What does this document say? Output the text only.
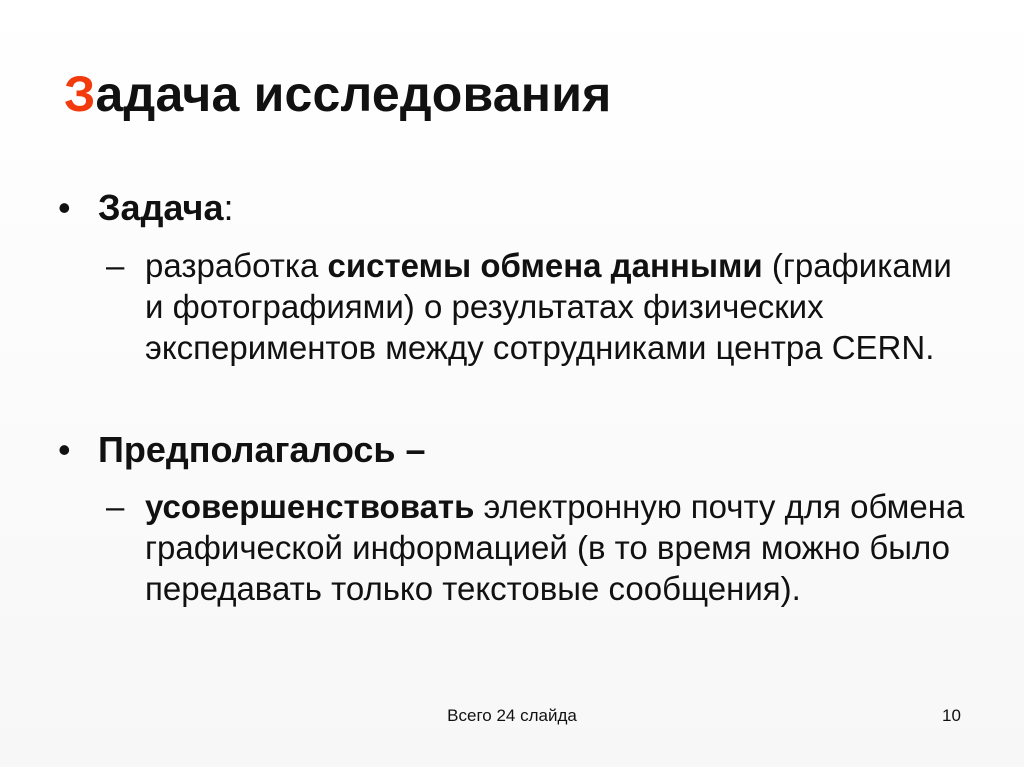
Задача исследования
• Задача:
– разработка системы обмена данными (графиками и фотографиями) о результатах физических экспериментов между сотрудниками центра CERN.
• Предполагалось –
– усовершенствовать электронную почту для обмена графической информацией (в то время можно было передавать только текстовые сообщения).
Всего 24 слайда	10
